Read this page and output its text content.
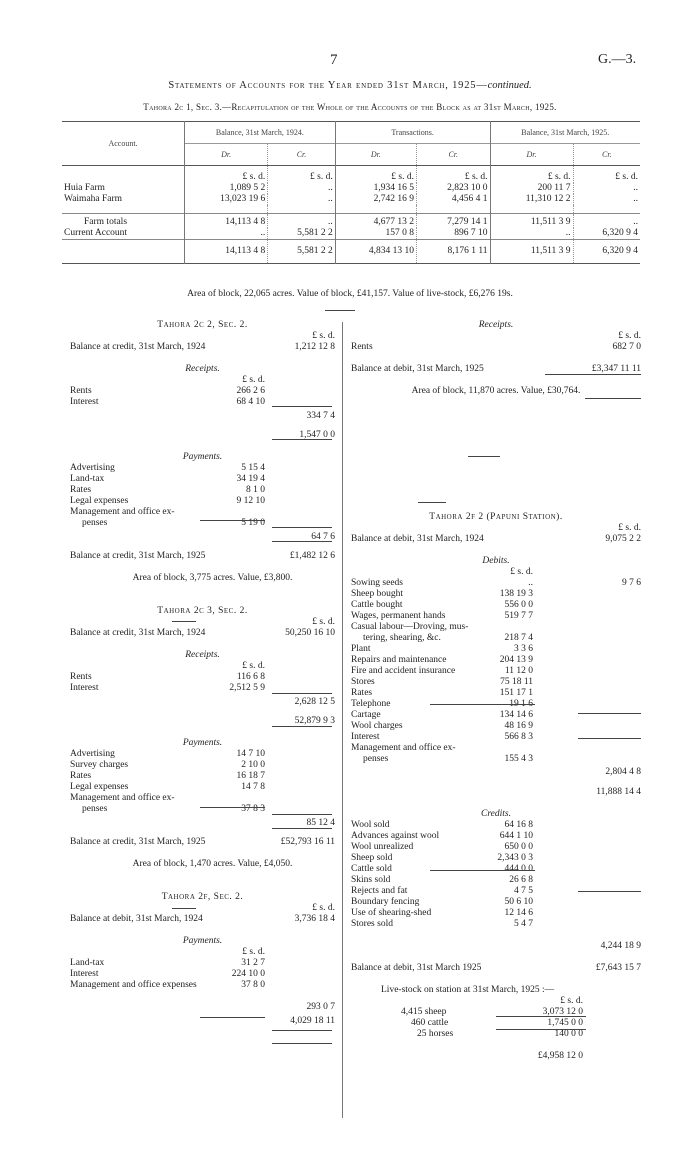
7	G.—3.
Statements of Accounts for the Year ended 31st March, 1925—continued.
Tahora 2c 1, Sec. 3.—Recapitulation of the Whole of the Accounts of the Block as at 31st March, 1925.
Account.	Balance, 31st March, 1924.		Transactions.		Balance, 31st March, 1925.	
	Dr.	Cr.	Dr.	Cr.	Dr.	Cr.
	£ s. d.	£ s. d.	£ s. d.	£ s. d.	£ s. d.	£ s. d.
Huia Farm	1,089 5 2	..	1,934 16 5	2,823 10 0	200 11 7	..
Waimaha Farm	13,023 19 6	..	2,742 16 9	4,456 4 1	11,310 12 2	..

Farm totals	14,113 4 8	..	4,677 13 2	7,279 14 1	11,511 3 9	..
Current Account	..	5,581 2 2	157 0 8	896 7 10	..	6,320 9 4
	14,113 4 8	5,581 2 2	4,834 13 10	8,176 1 11	11,511 3 9	6,320 9 4
Area of block, 22,065 acres. Value of block, £41,157. Value of live-stock, £6,276 19s.
Tahora 2c 2, Sec. 2.
£ s. d.
Balance at credit, 31st March, 1924	1,212 12 8
Receipts.
£ s. d.
Rents	266 2 6
Interest	68 4 10
334 7 4
1,547 0 0
Payments.
Advertising	5 15 4
Land-tax	34 19 4
Rates	8 1 0
Legal expenses	9 12 10
Management and office ex-
penses	5 19 0
64 7 6
Balance at credit, 31st March, 1925	£1,482 12 6
Area of block, 3,775 acres. Value, £3,800.
Tahora 2c 3, Sec. 2.
£ s. d.
Balance at credit, 31st March, 1924	50,250 16 10
Receipts.
£ s. d.
Rents	116 6 8
Interest	2,512 5 9
2,628 12 5
52,879 9 3
Payments.
Advertising	14 7 10
Survey charges	2 10 0
Rates	16 18 7
Legal expenses	14 7 8
Management and office ex-
penses	37 8 3
85 12 4
Balance at credit, 31st March, 1925	£52,793 16 11
Area of block, 1,470 acres. Value, £4,050.
Tahora 2f, Sec. 2.
£ s. d.
Balance at debit, 31st March, 1924	3,736 18 4
Payments.
£ s. d.
Land-tax	31 2 7
Interest	224 10 0
Management and office expenses	37 8 0
293 0 7
4,029 18 11
Receipts.
£ s. d.
Rents	682 7 0
Balance at debit, 31st March, 1925	£3,347 11 11
Area of block, 11,870 acres. Value, £30,764.
Tahora 2f 2 (Papuni Station).
£ s. d.
Balance at debit, 31st March, 1924	9,075 2 2
Debits.
£ s. d.
Sowing seeds	..	9 7 6
Sheep bought	138 19 3
Cattle bought	556 0 0
Wages, permanent hands	519 7 7
Casual labour—Droving, mus-
tering, shearing, &c.	218 7 4
Plant	3 3 6
Repairs and maintenance	204 13 9
Fire and accident insurance	11 12 0
Stores	75 18 11
Rates	151 17 1
Telephone	19 1 6
Cartage	134 14 6
Wool charges	48 16 9
Interest	566 8 3
Management and office ex-
penses	155 4 3
2,804 4 8
11,888 14 4
Credits.
Wool sold	64 16 8
Advances against wool	644 1 10
Wool unrealized	650 0 0
Sheep sold	2,343 0 3
Cattle sold	444 0 0
Skins sold	26 6 8
Rejects and fat	4 7 5
Boundary fencing	50 6 10
Use of shearing-shed	12 14 6
Stores sold	5 4 7
4,244 18 9
Balance at debit, 31st March 1925	£7,643 15 7
Live-stock on station at 31st March, 1925 :—
£ s. d.
4,415 sheep	3,073 12 0
460 cattle	1,745 0 0
25 horses	140 0 0
£4,958 12 0
